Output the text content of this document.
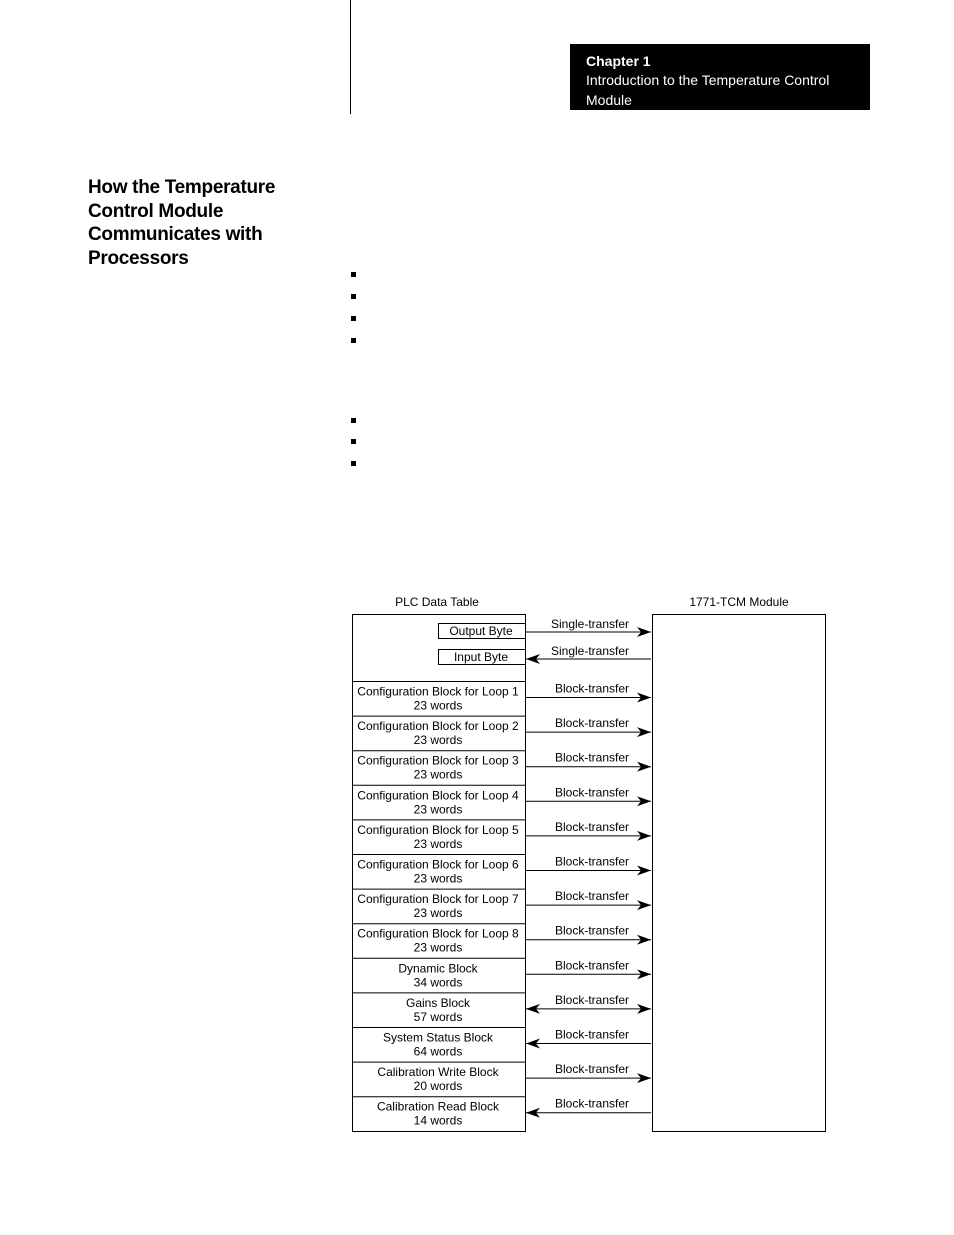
Chapter 1
Introduction to the Temperature Control Module
How the Temperature
Control Module
Communicates with
Processors
PLC Data Table	1771-TCM Module
Output Byte
Input Byte
Single-transfer
Single-transfer
Configuration Block for Loop 1
23 words
Block-transfer
Configuration Block for Loop 2
23 words
Block-transfer
Configuration Block for Loop 3
23 words
Block-transfer
Configuration Block for Loop 4
23 words
Block-transfer
Configuration Block for Loop 5
23 words
Block-transfer
Configuration Block for Loop 6
23 words
Block-transfer
Configuration Block for Loop 7
23 words
Block-transfer
Configuration Block for Loop 8
23 words
Block-transfer
Dynamic Block
34 words
Block-transfer
Gains Block
57 words
Block-transfer
System Status Block
64 words
Block-transfer
Calibration Write Block
20 words
Block-transfer
Calibration Read Block
14 words
Block-transfer
